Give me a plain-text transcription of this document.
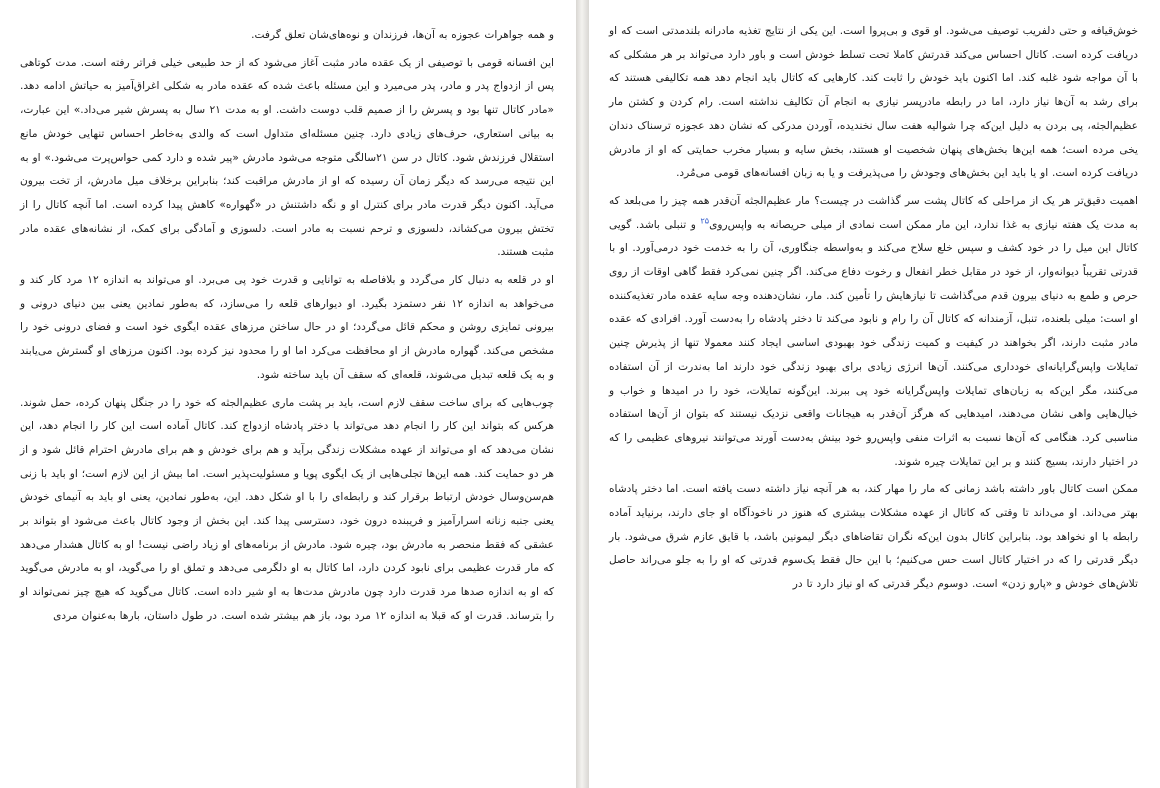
و همه جواهرات عجوزه به آن‌ها، فرزندان و نوه‌های‌شان تعلق گرفت.

این افسانه قومی با توصیفی از یک عقده مادر مثبت آغاز می‌شود که از حد طبیعی خیلی فراتر رفته است. مدت کوتاهی پس از ازدواج پدر و مادر، پدر می‌میرد و این مسئله باعث شده که عقده مادر به شکلی اغراق‌آمیز به حیاتش ادامه دهد. «مادر کاتال تنها بود و پسرش را از صمیم قلب دوست داشت. او به مدت ۲۱ سال به پسرش شیر می‌داد.» این عبارت، به بیانی استعاری، حرف‌های زیادی دارد. چنین مسئله‌ای متداول است که والدی به‌خاطر احساس تنهایی خودش مانع استقلال فرزندش شود. کاتال در سن ۲۱سالگی متوجه می‌شود مادرش «پیر شده و دارد کمی حواس‌پرت می‌شود.» او به این نتیجه می‌رسد که دیگر زمان آن رسیده که او از مادرش مراقبت کند؛ بنابراین برخلاف میل مادرش، از تخت بیرون می‌آید. اکنون دیگر قدرت مادر برای کنترل او و نگه داشتنش در «گهواره» کاهش پیدا کرده است. اما آنچه کاتال را از تختش بیرون می‌کشاند، دلسوزی و ترحم نسبت به مادر است. دلسوزی و آمادگی برای کمک، از نشانه‌های عقده مادر مثبت هستند.

او در قلعه به دنبال کار می‌گردد و بلافاصله به توانایی و قدرت خود پی می‌برد. او می‌تواند به اندازه ۱۲ مرد کار کند و می‌خواهد به اندازه ۱۲ نفر دستمزد بگیرد. او دیوارهای قلعه را می‌سازد، که به‌طور نمادین یعنی بین دنیای درونی و بیرونی تمایزی روشن و محکم قائل می‌گردد؛ او در حال ساختن مرزهای عقده ایگوی خود است و فضای درونی خود را مشخص می‌کند. گهواره مادرش از او محافظت می‌کرد اما او را محدود نیز کرده بود. اکنون مرزهای او گسترش می‌یابند و به یک قلعه تبدیل می‌شوند، قلعه‌ای که سقف آن باید ساخته شود.

چوب‌هایی که برای ساخت سقف لازم است، باید بر پشت ماری عظیم‌الجثه که خود را در جنگل پنهان کرده، حمل شوند. هرکس که بتواند این کار را انجام دهد می‌تواند با دختر پادشاه ازدواج کند. کاتال آماده است این کار را انجام دهد، این نشان می‌دهد که او می‌تواند از عهده مشکلات زندگی برآید و هم برای خودش و هم برای مادرش احترام قائل شود و از هر دو حمایت کند. همه این‌ها تجلی‌هایی از یک ایگوی پویا و مسئولیت‌پذیر است. اما بیش از این لازم است؛ او باید با زنی هم‌سن‌وسال خودش ارتباط برقرار کند و رابطه‌ای را با او شکل دهد. این، به‌طور نمادین، یعنی او باید به آنیمای خودش یعنی جنبه زنانه اسرارآمیز و فریبنده درون خود، دسترسی پیدا کند. این بخش از وجود کاتال باعث می‌شود او بتواند بر عشقی که فقط منحصر به مادرش بود، چیره شود. مادرش از برنامه‌های او زیاد راضی نیست! او به کاتال هشدار می‌دهد که مار قدرت عظیمی برای نابود کردن دارد، اما کاتال به او دلگرمی می‌دهد و تملق او را می‌گوید، او به مادرش می‌گوید که او به اندازه صدها مرد قدرت دارد چون مادرش مدت‌ها به او شیر داده است. کاتال می‌گوید که هیچ چیز نمی‌تواند او را بترساند. قدرت او که قبلا به اندازه ۱۲ مرد بود، باز هم بیشتر شده است. در طول داستان، بارها به‌عنوان مردی

خوش‌قیافه و حتی دلفریب توصیف می‌شود. او قوی و بی‌پروا است. این یکی از نتایج تغذیه مادرانه بلندمدتی است که او دریافت کرده است. کاتال احساس می‌کند قدرتش کاملا تحت تسلط خودش است و باور دارد می‌تواند بر هر مشکلی که با آن مواجه شود غلبه کند. اما اکنون باید خودش را ثابت کند. کارهایی که کاتال باید انجام دهد همه تکالیفی هستند که برای رشد به آن‌ها نیاز دارد، اما در رابطه مادرپسر نیازی به انجام آن تکالیف نداشته است. رام کردن و کشتن مار عظیم‌الجثه، پی بردن به دلیل این‌که چرا شوالیه هفت سال نخندیده، آوردن مدرکی که نشان دهد عجوزه ترسناک دندان یخی مرده است؛ همه این‌ها بخش‌های پنهان شخصیت او هستند، بخش سایه و بسیار مخرب حمایتی که او از مادرش دریافت کرده است. او یا باید این بخش‌های وجودش را می‌پذیرفت و یا به زبان افسانه‌های قومی می‌مُرد.

اهمیت دقیق‌تر هر یک از مراحلی که کاتال پشت سر گذاشت در چیست؟ مار عظیم‌الجثه آن‌قدر همه چیز را می‌بلعد که به مدت یک هفته نیازی به غذا ندارد، این مار ممکن است نمادی از میلی حریصانه به واپس‌روی$^{۲۵}$ و تنبلی باشد. گویی کاتال این میل را در خود کشف و سپس خلع سلاح می‌کند و به‌واسطه جنگاوری، آن را به خدمت خود درمی‌آورد. او با قدرتی تقریباً دیوانه‌وار، از خود در مقابل خطر انفعال و رخوت دفاع می‌کند. اگر چنین نمی‌کرد فقط گاهی اوقات از روی حرص و طمع به دنیای بیرون قدم می‌گذاشت تا نیازهایش را تأمین کند. مار، نشان‌دهنده وجه سایه عقده مادر تغذیه‌کننده او است: میلی بلعنده، تنبل، آزمندانه که کاتال آن را رام و نابود می‌کند تا دختر پادشاه را به‌دست آورد. افرادی که عقده مادر مثبت دارند، اگر بخواهند در کیفیت و کمیت زندگی خود بهبودی اساسی ایجاد کنند معمولا تنها از پذیرش چنین تمایلات واپس‌گرایانه‌ای خودداری می‌کنند. آن‌ها انرژی زیادی برای بهبود زندگی خود دارند اما به‌ندرت از آن استفاده می‌کنند، مگر این‌که به زبان‌های تمایلات واپس‌گرایانه خود پی ببرند. این‌گونه تمایلات، خود را در امیدها و خواب و خیال‌هایی واهی نشان می‌دهند، امیدهایی که هرگز آن‌قدر به هیجانات واقعی نزدیک نیستند که بتوان از آن‌ها استفاده مناسبی کرد. هنگامی که آن‌ها نسبت به اثرات منفی واپس‌رو خود بینش به‌دست آورند می‌توانند نیروهای عظیمی را که در اختیار دارند، بسیج کنند و بر این تمایلات چیره شوند.

ممکن است کاتال باور داشته باشد زمانی که مار را مهار کند، به هر آنچه نیاز داشته دست یافته است. اما دختر پادشاه بهتر می‌داند. او می‌داند تا وقتی که کاتال از عهده مشکلات بیشتری که هنوز در ناخودآگاه او جای دارند، برنیاید آماده رابطه با او نخواهد بود. بنابراین کاتال بدون این‌که نگران تقاضاهای دیگر لیمونین باشد، با قایق عازم شرق می‌شود. بار دیگر قدرتی را که در اختیار کاتال است حس می‌کنیم؛ با این حال فقط یک‌سوم قدرتی که او را به جلو می‌راند حاصل تلاش‌های خودش و «پارو زدن» است. دوسوم دیگر قدرتی که او نیاز دارد تا در
